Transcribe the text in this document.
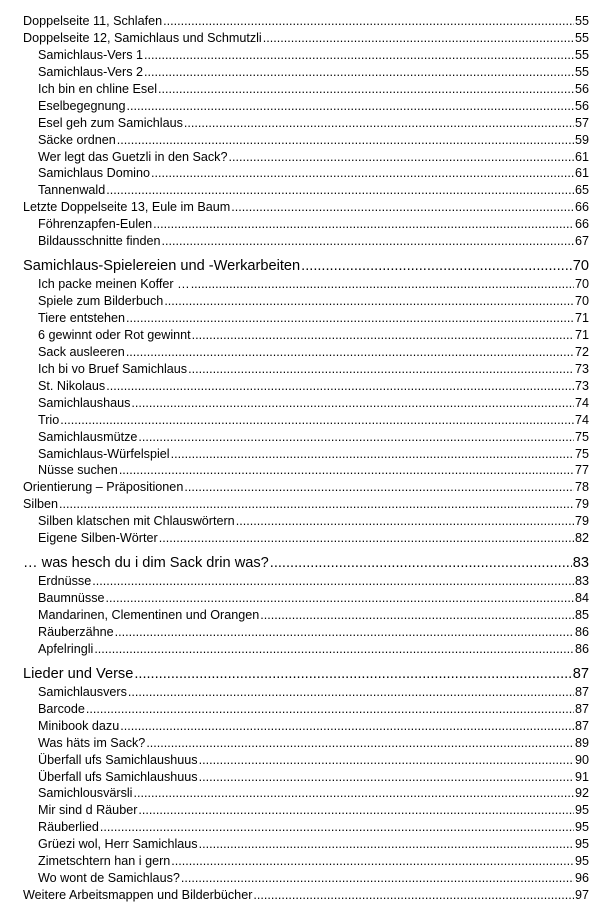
Doppelseite 11, Schlafen .....	55
Doppelseite 12, Samichlaus und Schmutzli .....	55
Samichlaus-Vers 1 .....	55
Samichlaus-Vers 2 .....	55
Ich bin en chline Esel .....	56
Eselbegegnung .....	56
Esel geh zum Samichlaus .....	57
Säcke ordnen .....	59
Wer legt das Guetzli in den Sack? .....	61
Samichlaus Domino .....	61
Tannenwald .....	65
Letzte Doppelseite 13, Eule im Baum .....	66
Föhrenzapfen-Eulen .....	66
Bildausschnitte finden .....	67
Samichlaus-Spielereien und -Werkarbeiten .....	70
Ich packe meinen Koffer … .....	70
Spiele zum Bilderbuch .....	70
Tiere entstehen .....	71
6 gewinnt oder Rot gewinnt .....	71
Sack ausleeren .....	72
Ich bi vo Bruef Samichlaus .....	73
St. Nikolaus .....	73
Samichlaushaus .....	74
Trio .....	74
Samichlausmütze .....	75
Samichlaus-Würfelspiel .....	75
Nüsse suchen .....	77
Orientierung – Präpositionen .....	78
Silben .....	79
Silben klatschen mit Chlauswörtern .....	79
Eigene Silben-Wörter .....	82
… was hesch du i dim Sack drin was? .....	83
Erdnüsse .....	83
Baumnüsse .....	84
Mandarinen, Clementinen und Orangen .....	85
Räuberzähne .....	86
Apfelringli .....	86
Lieder und Verse .....	87
Samichlausvers .....	87
Barcode .....	87
Minibook dazu .....	87
Was häts im Sack? .....	89
Überfall ufs Samichlaushuus .....	90
Überfall ufs Samichlaushuus .....	91
Samichlousvärsli .....	92
Mir sind d Räuber .....	95
Räuberlied .....	95
Grüezi wol, Herr Samichlaus .....	95
Zimetschtern han i gern .....	95
Wo wont de Samichlaus? .....	96
Weitere Arbeitsmappen und Bilderbücher .....	97
